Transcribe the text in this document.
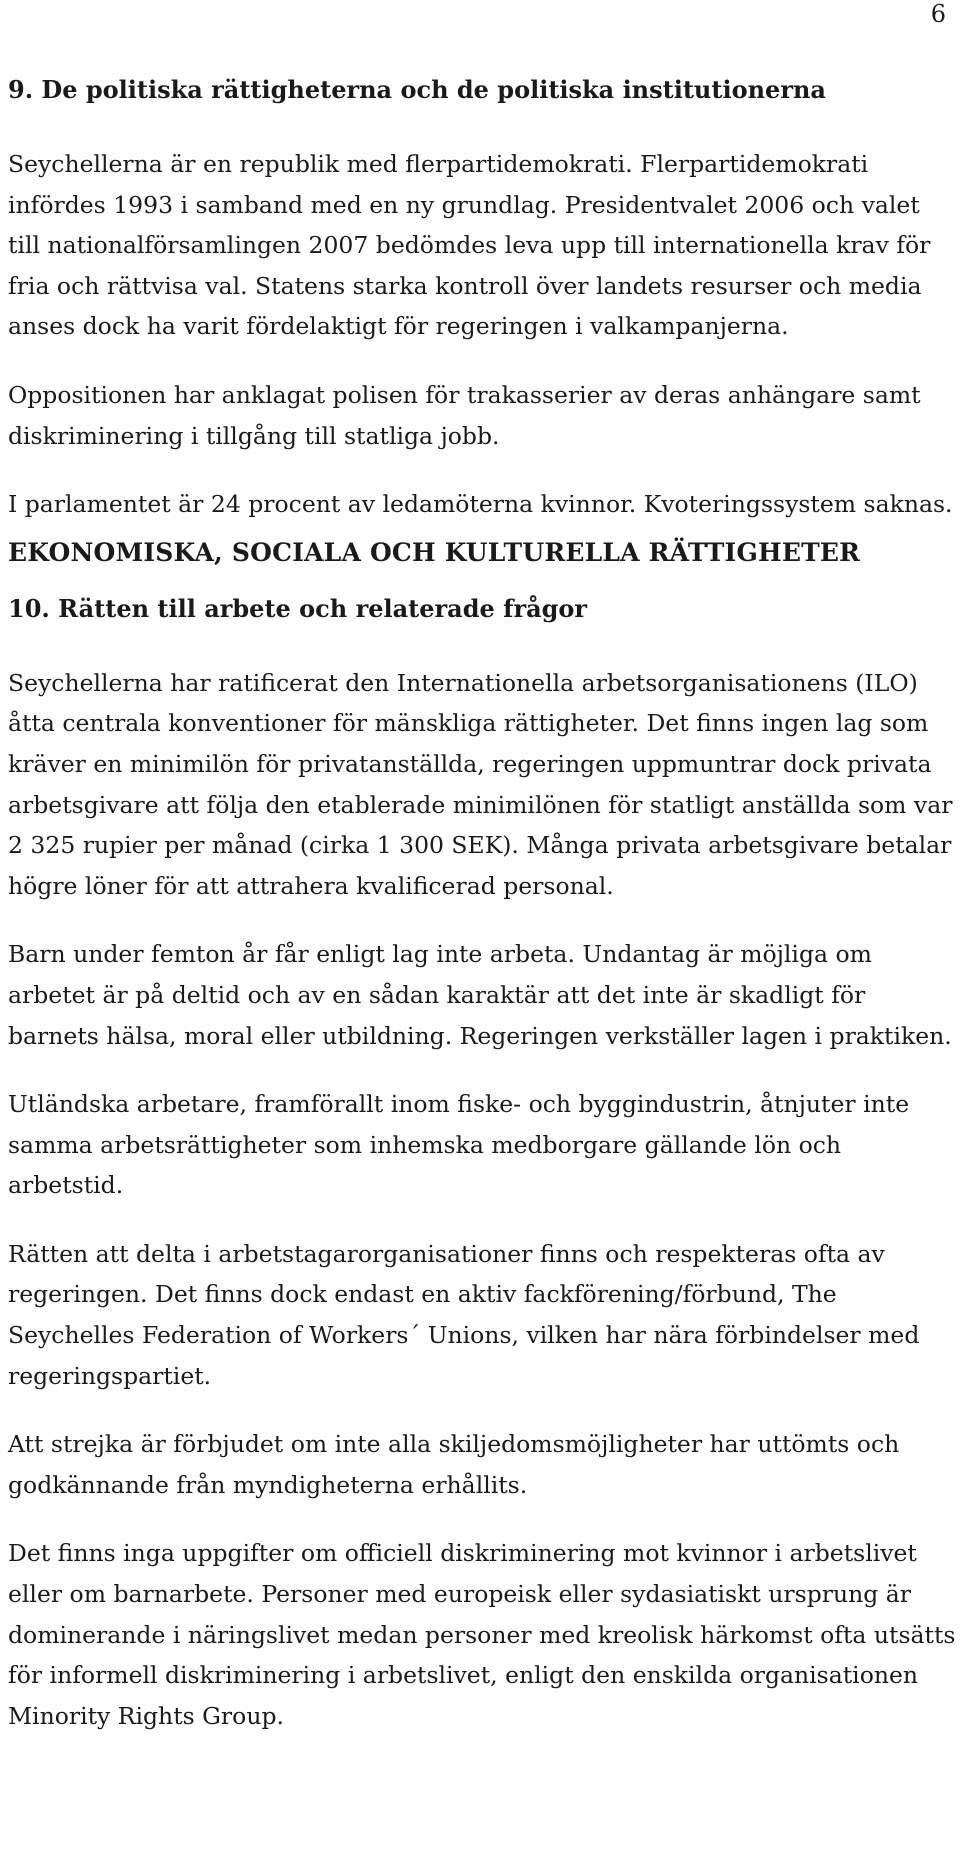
6
9. De politiska rättigheterna och de politiska institutionerna

Seychellerna är en republik med flerpartidemokrati. Flerpartidemokrati infördes 1993 i samband med en ny grundlag. Presidentvalet 2006 och valet till nationalförsamlingen 2007 bedömdes leva upp till internationella krav för fria och rättvisa val. Statens starka kontroll över landets resurser och media anses dock ha varit fördelaktigt för regeringen i valkampanjerna.

Oppositionen har anklagat polisen för trakasserier av deras anhängare samt diskriminering i tillgång till statliga jobb.

I parlamentet är 24 procent av ledamöterna kvinnor. Kvoteringssystem saknas.

EKONOMISKA, SOCIALA OCH KULTURELLA RÄTTIGHETER
10. Rätten till arbete och relaterade frågor

Seychellerna har ratificerat den Internationella arbetsorganisationens (ILO) åtta centrala konventioner för mänskliga rättigheter. Det finns ingen lag som kräver en minimilön för privatanställda, regeringen uppmuntrar dock privata arbetsgivare att följa den etablerade minimilönen för statligt anställda som var 2 325 rupier per månad (cirka 1 300 SEK). Många privata arbetsgivare betalar högre löner för att attrahera kvalificerad personal.

Barn under femton år får enligt lag inte arbeta. Undantag är möjliga om arbetet är på deltid och av en sådan karaktär att det inte är skadligt för barnets hälsa, moral eller utbildning. Regeringen verkställer lagen i praktiken.

Utländska arbetare, framförallt inom fiske- och byggindustrin, åtnjuter inte samma arbetsrättigheter som inhemska medborgare gällande lön och arbetstid.

Rätten att delta i arbetstagarorganisationer finns och respekteras ofta av regeringen. Det finns dock endast en aktiv fackförening/förbund, The Seychelles Federation of Workers´ Unions, vilken har nära förbindelser med regeringspartiet.

Att strejka är förbjudet om inte alla skiljedomsmöjligheter har uttömts och godkännande från myndigheterna erhållits.

Det finns inga uppgifter om officiell diskriminering mot kvinnor i arbetslivet eller om barnarbete. Personer med europeisk eller sydasiatiskt ursprung är dominerande i näringslivet medan personer med kreolisk härkomst ofta utsätts för informell diskriminering i arbetslivet, enligt den enskilda organisationen Minority Rights Group.
